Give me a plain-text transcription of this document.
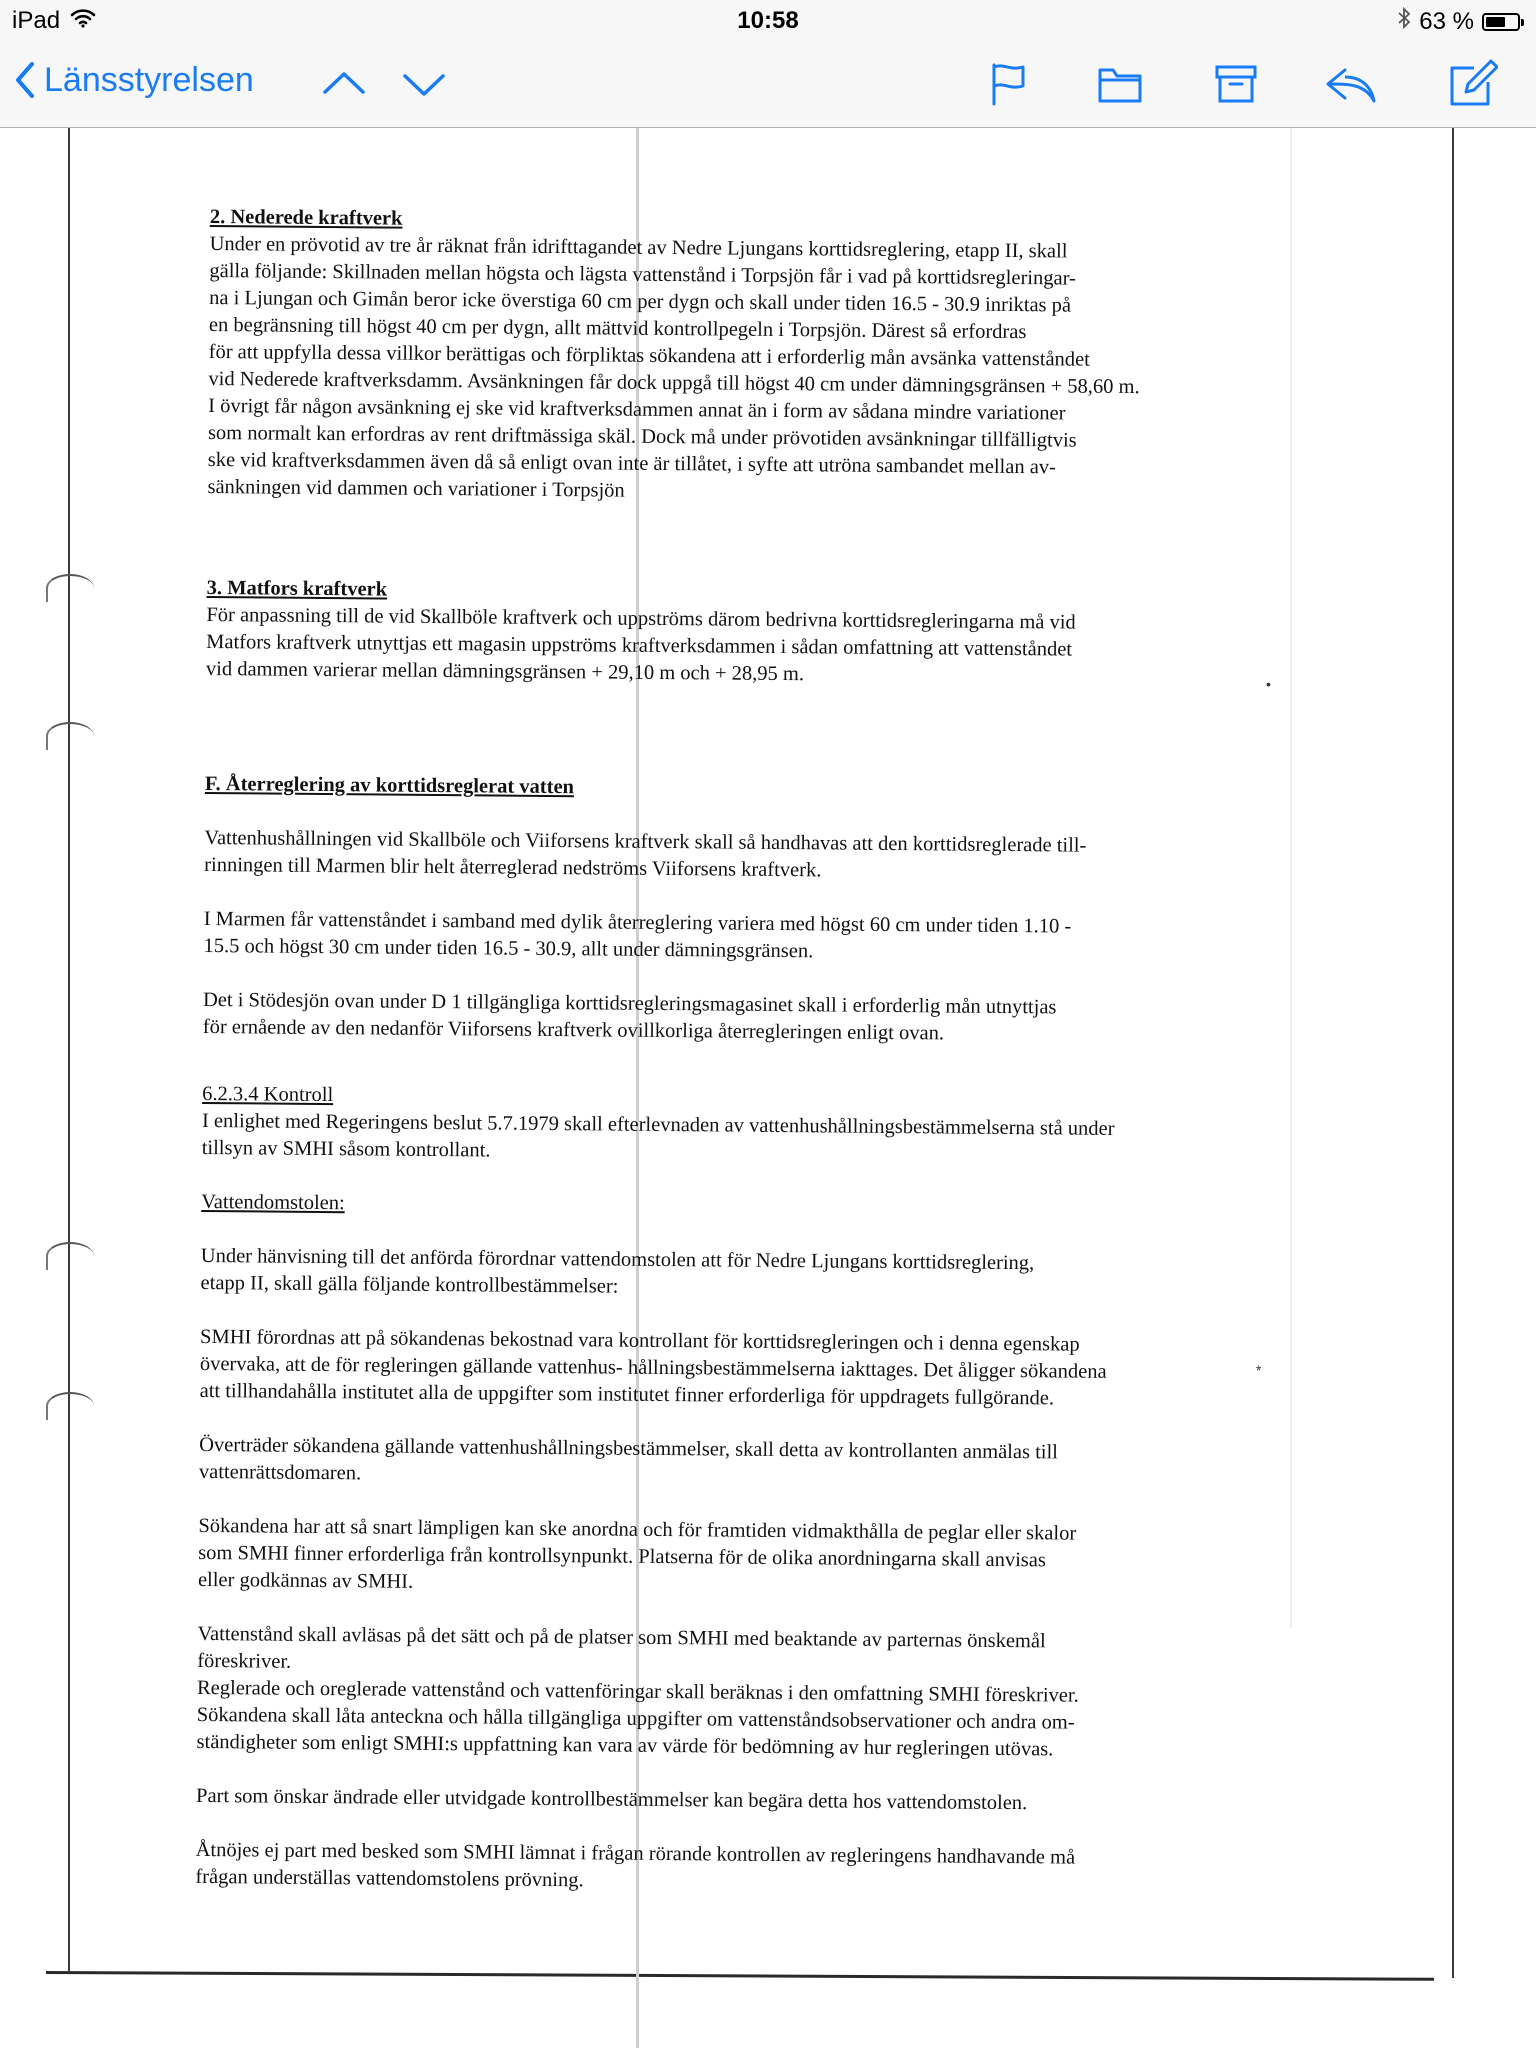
iPad	10:58	63 %
Länsstyrelsen
•
*

2. Nederede kraftverk

Under en prövotid av tre år räknat från idrifttagandet av Nedre Ljungans korttidsreglering, etapp II, skall

gälla följande: Skillnaden mellan högsta och lägsta vattenstånd i Torpsjön får i vad på korttidsregleringar-

na i Ljungan och Gimån beror icke överstiga 60 cm per dygn och skall under tiden 16.5 - 30.9 inriktas på

en begränsning till högst 40 cm per dygn, allt mättvid kontrollpegeln i Torpsjön. Därest så erfordras

för att uppfylla dessa villkor berättigas och förpliktas sökandena att i erforderlig mån avsänka vattenståndet

vid Nederede kraftverksdamm. Avsänkningen får dock uppgå till högst 40 cm under dämningsgränsen + 58,60 m.

I övrigt får någon avsänkning ej ske vid kraftverksdammen annat än i form av sådana mindre variationer

som normalt kan erfordras av rent driftmässiga skäl. Dock må under prövotiden avsänkningar tillfälligtvis

ske vid kraftverksdammen även då så enligt ovan inte är tillåtet, i syfte att utröna sambandet mellan av-

sänkningen vid dammen och variationer i Torpsjön

3. Matfors kraftverk

För anpassning till de vid Skallböle kraftverk och uppströms därom bedrivna korttidsregleringarna må vid

Matfors kraftverk utnyttjas ett magasin uppströms kraftverksdammen i sådan omfattning att vattenståndet

vid dammen varierar mellan dämningsgränsen + 29,10 m och + 28,95 m.

F. Återreglering av korttidsreglerat vatten

Vattenhushållningen vid Skallböle och Viiforsens kraftverk skall så handhavas att den korttidsreglerade till-

rinningen till Marmen blir helt återreglerad nedströms Viiforsens kraftverk.

I Marmen får vattenståndet i samband med dylik återreglering variera med högst 60 cm under tiden 1.10 -

15.5 och högst 30 cm under tiden 16.5 - 30.9, allt under dämningsgränsen.

Det i Stödesjön ovan under D 1 tillgängliga korttidsregleringsmagasinet skall i erforderlig mån utnyttjas

för ernående av den nedanför Viiforsens kraftverk ovillkorliga återregleringen enligt ovan.

6.2.3.4 Kontroll

I enlighet med Regeringens beslut 5.7.1979 skall efterlevnaden av vattenhushållningsbestämmelserna stå under

tillsyn av SMHI såsom kontrollant.

Vattendomstolen:

Under hänvisning till det anförda förordnar vattendomstolen att för Nedre Ljungans korttidsreglering,

etapp II, skall gälla följande kontrollbestämmelser:

SMHI förordnas att på sökandenas bekostnad vara kontrollant för korttidsregleringen och i denna egenskap

övervaka, att de för regleringen gällande vattenhus- hållningsbestämmelserna iakttages. Det åligger sökandena

att tillhandahålla institutet alla de uppgifter som institutet finner erforderliga för uppdragets fullgörande.

Överträder sökandena gällande vattenhushållningsbestämmelser, skall detta av kontrollanten anmälas till

vattenrättsdomaren.

Sökandena har att så snart lämpligen kan ske anordna och för framtiden vidmakthålla de peglar eller skalor

som SMHI finner erforderliga från kontrollsynpunkt. Platserna för de olika anordningarna skall anvisas

eller godkännas av SMHI.

Vattenstånd skall avläsas på det sätt och på de platser som SMHI med beaktande av parternas önskemål

föreskriver.

Reglerade och oreglerade vattenstånd och vattenföringar skall beräknas i den omfattning SMHI föreskriver.

Sökandena skall låta anteckna och hålla tillgängliga uppgifter om vattenståndsobservationer och andra om-

ständigheter som enligt SMHI:s uppfattning kan vara av värde för bedömning av hur regleringen utövas.

Part som önskar ändrade eller utvidgade kontrollbestämmelser kan begära detta hos vattendomstolen.

Åtnöjes ej part med besked som SMHI lämnat i frågan rörande kontrollen av regleringens handhavande må

frågan underställas vattendomstolens prövning.
